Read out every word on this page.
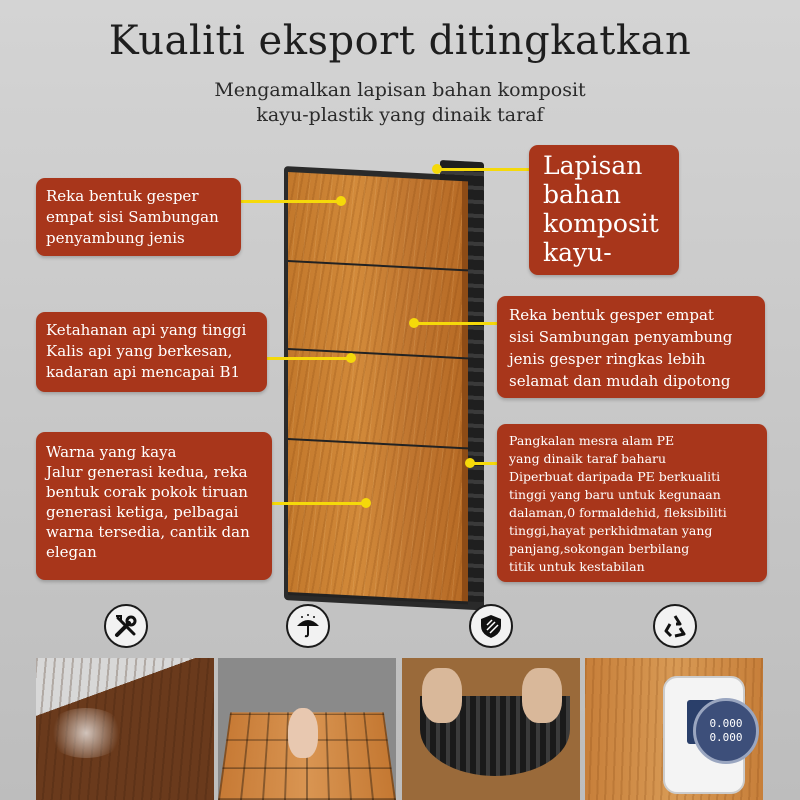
Kualiti eksport ditingkatkan
Mengamalkan lapisan bahan komposit
kayu-plastik yang dinaik taraf
Reka bentuk gesper
empat sisi Sambungan
penyambung jenis
Lapisan
bahan
komposit
kayu-
Ketahanan api yang tinggi
Kalis api yang berkesan,
kadaran api mencapai B1
Reka bentuk gesper empat
sisi Sambungan penyambung
jenis gesper ringkas lebih
selamat dan mudah dipotong
Warna yang kaya
Jalur generasi kedua, reka
bentuk corak pokok tiruan
generasi ketiga, pelbagai
warna tersedia, cantik dan
elegan
Pangkalan mesra alam PE
yang dinaik taraf baharu
Diperbuat daripada PE berkualiti
tinggi yang baru untuk kegunaan
dalaman,0 formaldehid, fleksibiliti
tinggi,hayat perkhidmatan yang
panjang,sokongan berbilang
titik untuk kestabilan
0.000
0.000
